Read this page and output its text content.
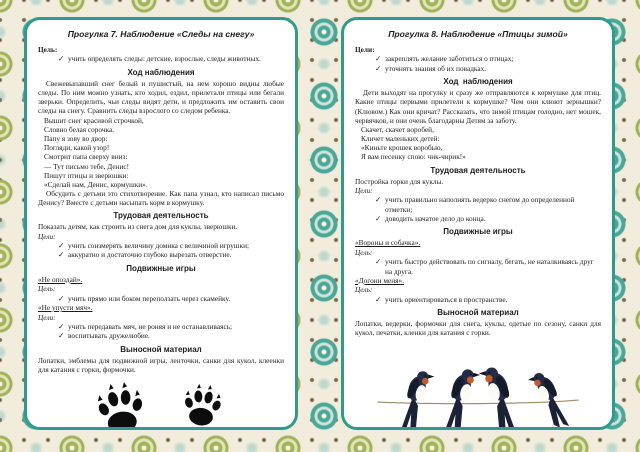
Прогулка 7. Наблюдение «Следы на снегу»
Цель:
✓ учить определять следы: детские, взрослые, следы животных.
Ход наблюдения

Свежевыпавший снег белый и пушистый, на нем хорошо видны любые следы. По ним можно узнать, кто ходил, ездил, прилетали птицы или бегали зверьки. Определить, чьи следы видят дети, и предложить им оставить свои следы на снегу. Сравнить следы взрослого со следом ребенка.

Вышит снег красивой строчкой,
Словно белая сорочка.
Папу я зову во двор:
Погляди, какой узор!
Смотрит папа сверху вниз:
— Тут письмо тебе, Денис!
Пишут птицы и зверюшки:
«Сделай нам, Денис, кормушки».

Обсудить с детьми это стихотворение. Как папа узнал, кто написал письмо Денису? Вместе с детьми насыпать корм в кормушку.

Трудовая деятельность
Показать детям, как строить из снега дом для куклы, зверюшки.
Цели:
✓ учить соизмерять величину домика с величиной игрушки;
✓ аккуратно и достаточно глубоко вырезать отверстие.
Подвижные игры
«Не опоздай».
Цель:
✓ учить прямо или боком переползать через скамейку.
«Не упусти мяч».
Цели:
✓ учить передавать мяч, не роняя и не останавливаясь;
✓ воспитывать дружелюбие.
Выносной материал

Лопатки, эмблемы для подвижной игры, ленточки, санки для кукол, клеенки для катания с горки, формочки.

Прогулка 8. Наблюдение «Птицы зимой»
Цели:
✓ закреплять желание заботиться о птицах;
✓ уточнять знания об их повадках.
Ход  наблюдения

Дети выходят на прогулку и сразу же отправляются к кормушке для птиц. Какие птицы первыми прилетели к кормушке? Чем они клюют зернышки? (Клювом.) Как они кричат? Рассказать, что зимой птицам голодно, нет мошек, червячков, и они очень благодарны Детям за заботу.

Скачет, скачет воробей,
Кличет маленьких детей:
«Киньте крошек воробью,
Я вам песенку спою: чик-чирик!»
Трудовая деятельность
Постройка горки для куклы.
Цели:
✓ учить правильно наполнять ведерко снегом до определенной отметки;
✓ доводить начатое дело до конца.
Подвижные игры
«Вороны и собачка».
Цель:
✓ учить быстро действовать по сигналу, бегать, не наталкиваясь друг на друга.
«Догони меня».
Цель:
✓ учить ориентироваться в пространстве.
Выносной материал

Лопатки, ведерки, формочки для снега, куклы, одетые по сезону, санки для кукол, печатки, кленки для катания с горки.
